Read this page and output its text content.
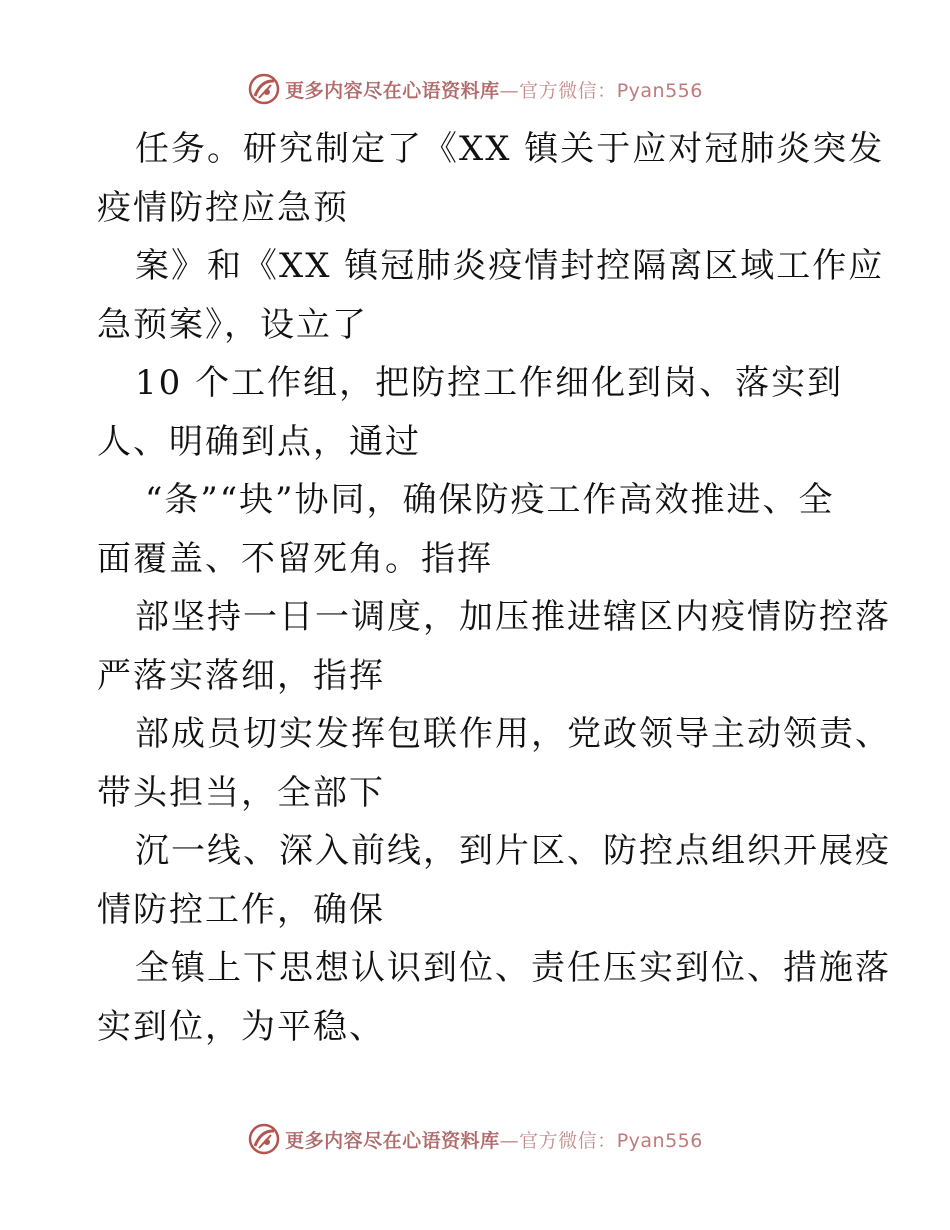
更多内容尽在心语资料库—官方微信：Pyan556

任务。研究制定了《XX 镇关于应对冠肺炎突发
疫情防控应急预

案》和《XX 镇冠肺炎疫情封控隔离区域工作应
急预案》，设立了

10 个工作组，把防控工作细化到岗、落实到
人、明确到点，通过

“条”“块”协同，确保防疫工作高效推进、全
面覆盖、不留死角。指挥

部坚持一日一调度，加压推进辖区内疫情防控落
严落实落细，指挥

部成员切实发挥包联作用，党政领导主动领责、
带头担当，全部下

沉一线、深入前线，到片区、防控点组织开展疫
情防控工作，确保

全镇上下思想认识到位、责任压实到位、措施落
实到位，为平稳、

更多内容尽在心语资料库—官方微信：Pyan556
